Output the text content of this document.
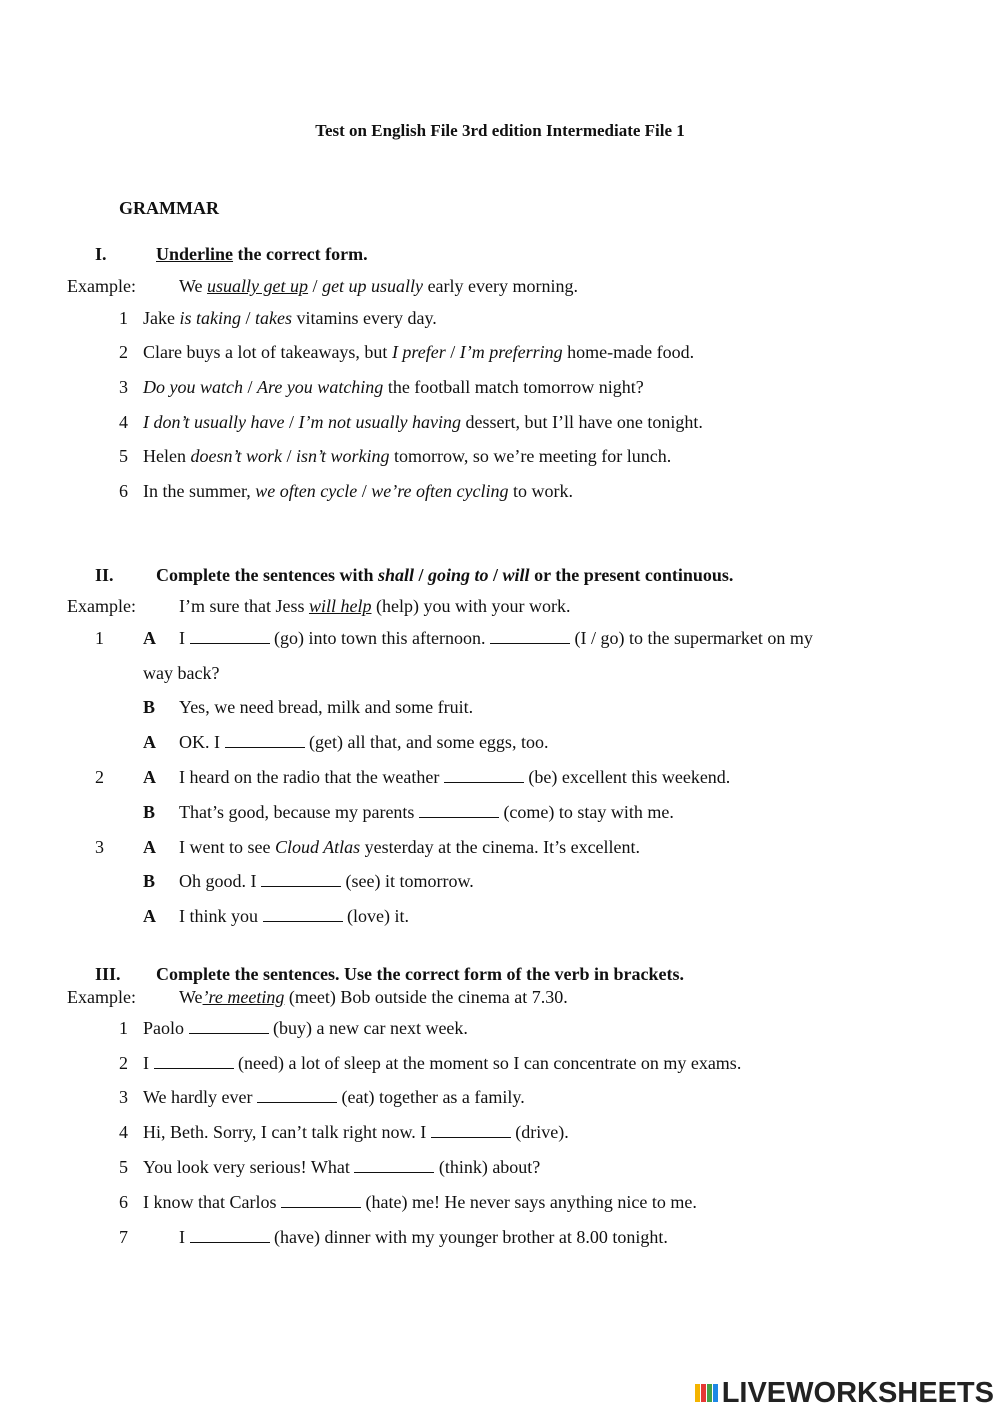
Test on English File 3rd edition Intermediate File 1
GRAMMAR
I.	Underline the correct form.
Example: We usually get up / get up usually early every morning.
1 Jake is taking / takes vitamins every day.
2 Clare buys a lot of takeaways, but I prefer / I’m preferring home-made food.
3 Do you watch / Are you watching the football match tomorrow night?
4 I don’t usually have / I’m not usually having dessert, but I’ll have one tonight.
5 Helen doesn’t work / isn’t working tomorrow, so we’re meeting for lunch.
6 In the summer, we often cycle / we’re often cycling to work.
II. Complete the sentences with shall / going to / will or the present continuous.
Example: I’m sure that Jess will help (help) you with your work.
1 A I	(go) into town this afternoon.	(I / go) to the supermarket on my
way back?
B Yes, we need bread, milk and some fruit.
A OK. I	(get) all that, and some eggs, too.
2 A I heard on the radio that the weather	(be) excellent this weekend.
B That’s good, because my parents	(come) to stay with me.
3 A I went to see Cloud Atlas yesterday at the cinema. It’s excellent.
B Oh good. I	(see) it tomorrow.
A I think you	(love) it.
III. Complete the sentences. Use the correct form of the verb in brackets.
Example: We’re meeting (meet) Bob outside the cinema at 7.30.
1 Paolo	(buy) a new car next week.
2 I	(need) a lot of sleep at the moment so I can concentrate on my exams.
3 We hardly ever	(eat) together as a family.
4 Hi, Beth. Sorry, I can’t talk right now. I	(drive).
5 You look very serious! What	(think) about?
6 I know that Carlos	(hate) me! He never says anything nice to me.
7	I	(have) dinner with my younger brother at 8.00 tonight.
LIVEWORKSHEETS
